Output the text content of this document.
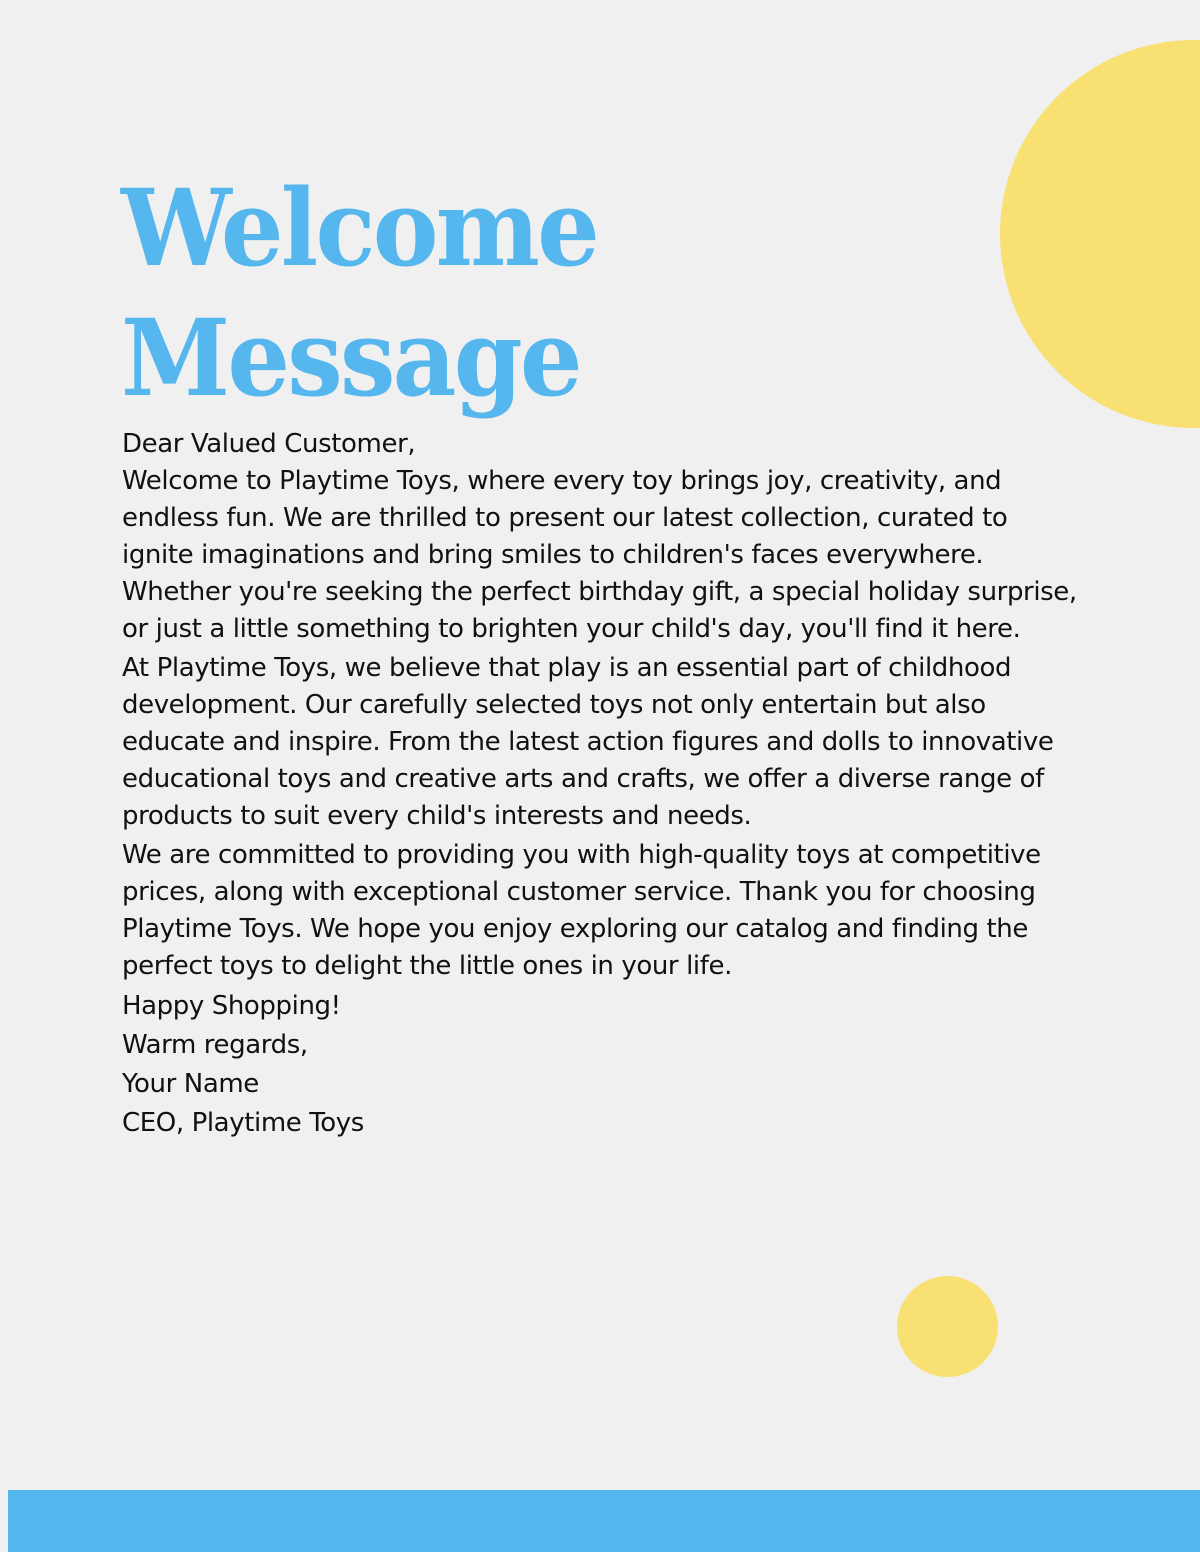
Welcome
Message

Dear Valued Customer,

Welcome to Playtime Toys, where every toy brings joy, creativity, and

endless fun. We are thrilled to present our latest collection, curated to

ignite imaginations and bring smiles to children's faces everywhere.

Whether you're seeking the perfect birthday gift, a special holiday surprise,

or just a little something to brighten your child's day, you'll find it here.

At Playtime Toys, we believe that play is an essential part of childhood

development. Our carefully selected toys not only entertain but also

educate and inspire. From the latest action figures and dolls to innovative

educational toys and creative arts and crafts, we offer a diverse range of

products to suit every child's interests and needs.

We are committed to providing you with high-quality toys at competitive

prices, along with exceptional customer service. Thank you for choosing

Playtime Toys. We hope you enjoy exploring our catalog and finding the

perfect toys to delight the little ones in your life.

Happy Shopping!

Warm regards,

Your Name

CEO, Playtime Toys
